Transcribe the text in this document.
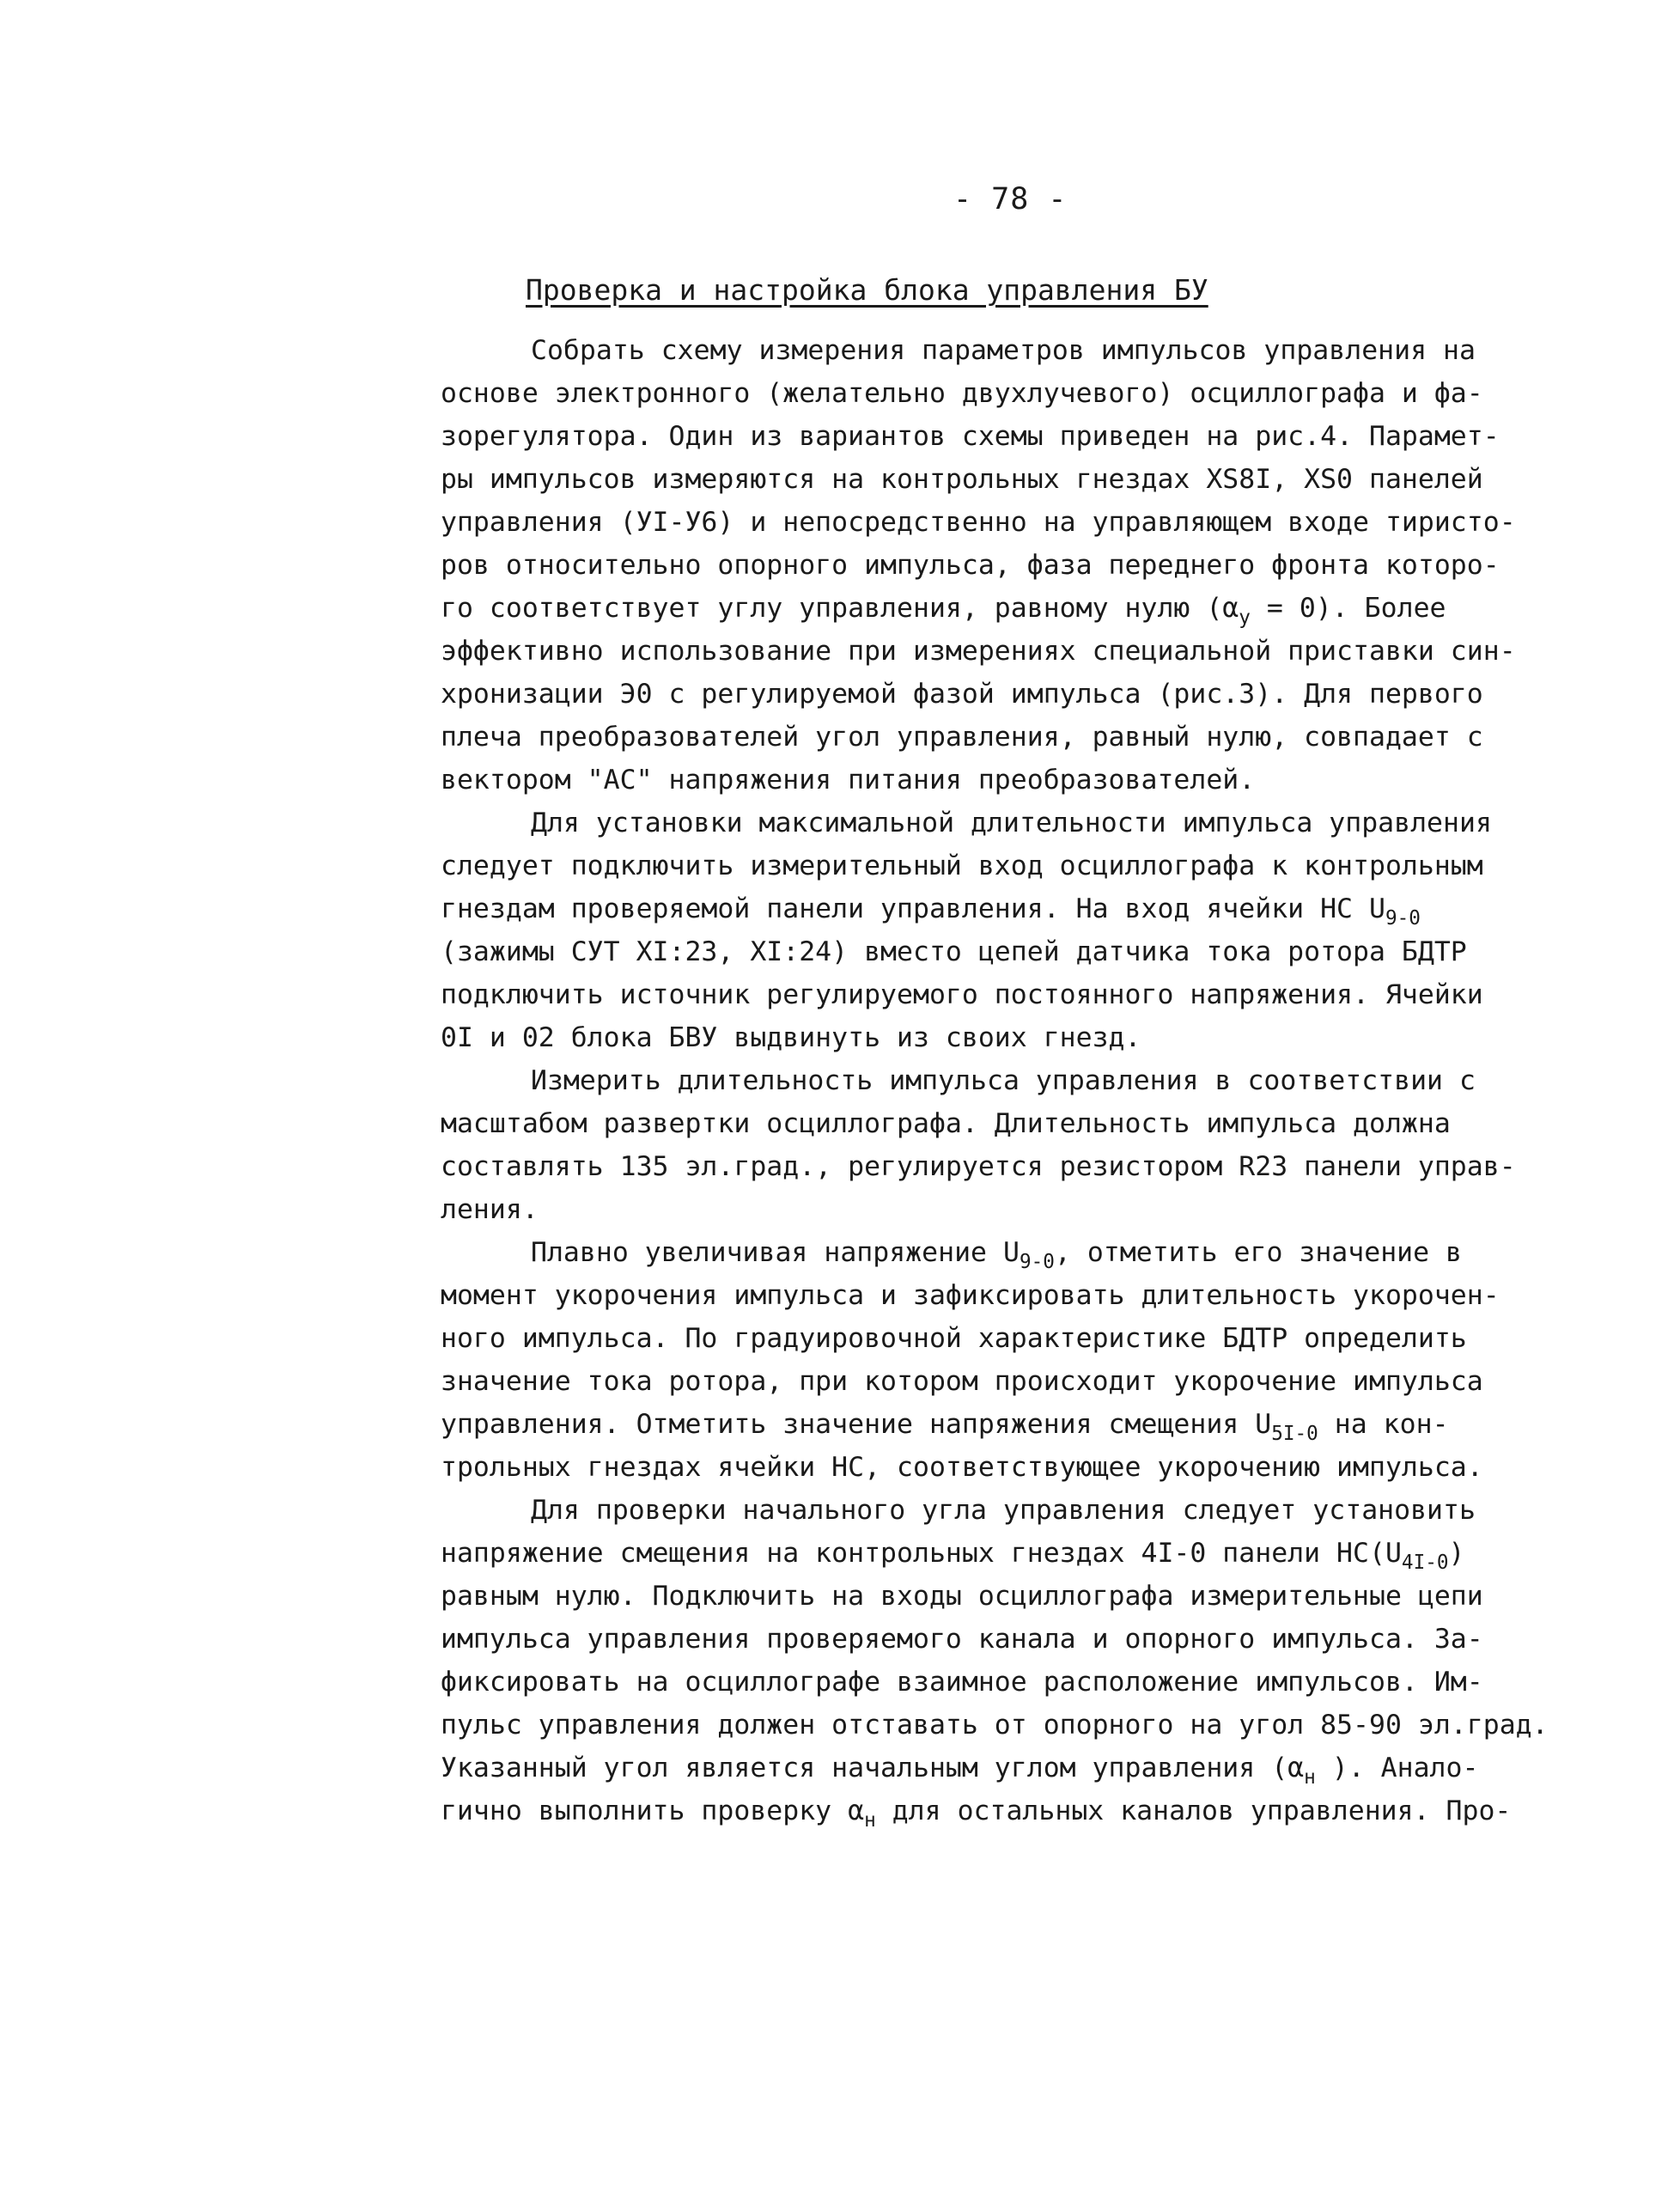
- 78 -
Проверка и настройка блока управления БУ
Собрать схему измерения параметров импульсов управления на
основе электронного (желательно двухлучевого) осциллографа и фа-
зорегулятора. Один из вариантов схемы приведен на рис.4. Парамет-
ры импульсов измеряются на контрольных гнездах XS8I, XS0 панелей
управления (УI-У6) и непосредственно на управляющем входе тиристо-
ров относительно опорного импульса, фаза переднего фронта которо-
го соответствует углу управления, равному нулю $(\alpha_у = 0)$. Более
эффективно использование при измерениях специальной приставки син-
хронизации Э0 с регулируемой фазой импульса (рис.3). Для первого
плеча преобразователей угол управления, равный нулю, совпадает с
вектором "АС" напряжения питания преобразователей.
Для установки максимальной длительности импульса управления
следует подключить измерительный вход осциллографа к контрольным
гнездам проверяемой панели управления. На вход ячейки НС $U_{9-0}$
(зажимы СУТ XI:23, XI:24) вместо цепей датчика тока ротора БДТР
подключить источник регулируемого постоянного напряжения. Ячейки
0I и 02 блока БВУ выдвинуть из своих гнезд.
Измерить длительность импульса управления в соответствии с
масштабом развертки осциллографа. Длительность импульса должна
составлять 135 эл.град., регулируется резистором R23 панели управ-
ления.
Плавно увеличивая напряжение $U_{9-0}$, отметить его значение в
момент укорочения импульса и зафиксировать длительность укорочен-
ного импульса. По градуировочной характеристике БДТР определить
значение тока ротора, при котором происходит укорочение импульса
управления. Отметить значение напряжения смещения $U_{5I-0}$ на кон-
трольных гнездах ячейки НС, соответствующее укорочению импульса.
Для проверки начального угла управления следует установить
напряжение смещения на контрольных гнездах 4I-0 панели $НС(U_{4I-0})$
равным нулю. Подключить на входы осциллографа измерительные цепи
импульса управления проверяемого канала и опорного импульса. За-
фиксировать на осциллографе взаимное расположение импульсов. Им-
пульс управления должен отставать от опорного на угол 85-90 эл.град.
Указанный угол является начальным углом управления ($\alpha_н$ ). Анало-
гично выполнить проверку $\alpha_н$ для остальных каналов управления. Про-
